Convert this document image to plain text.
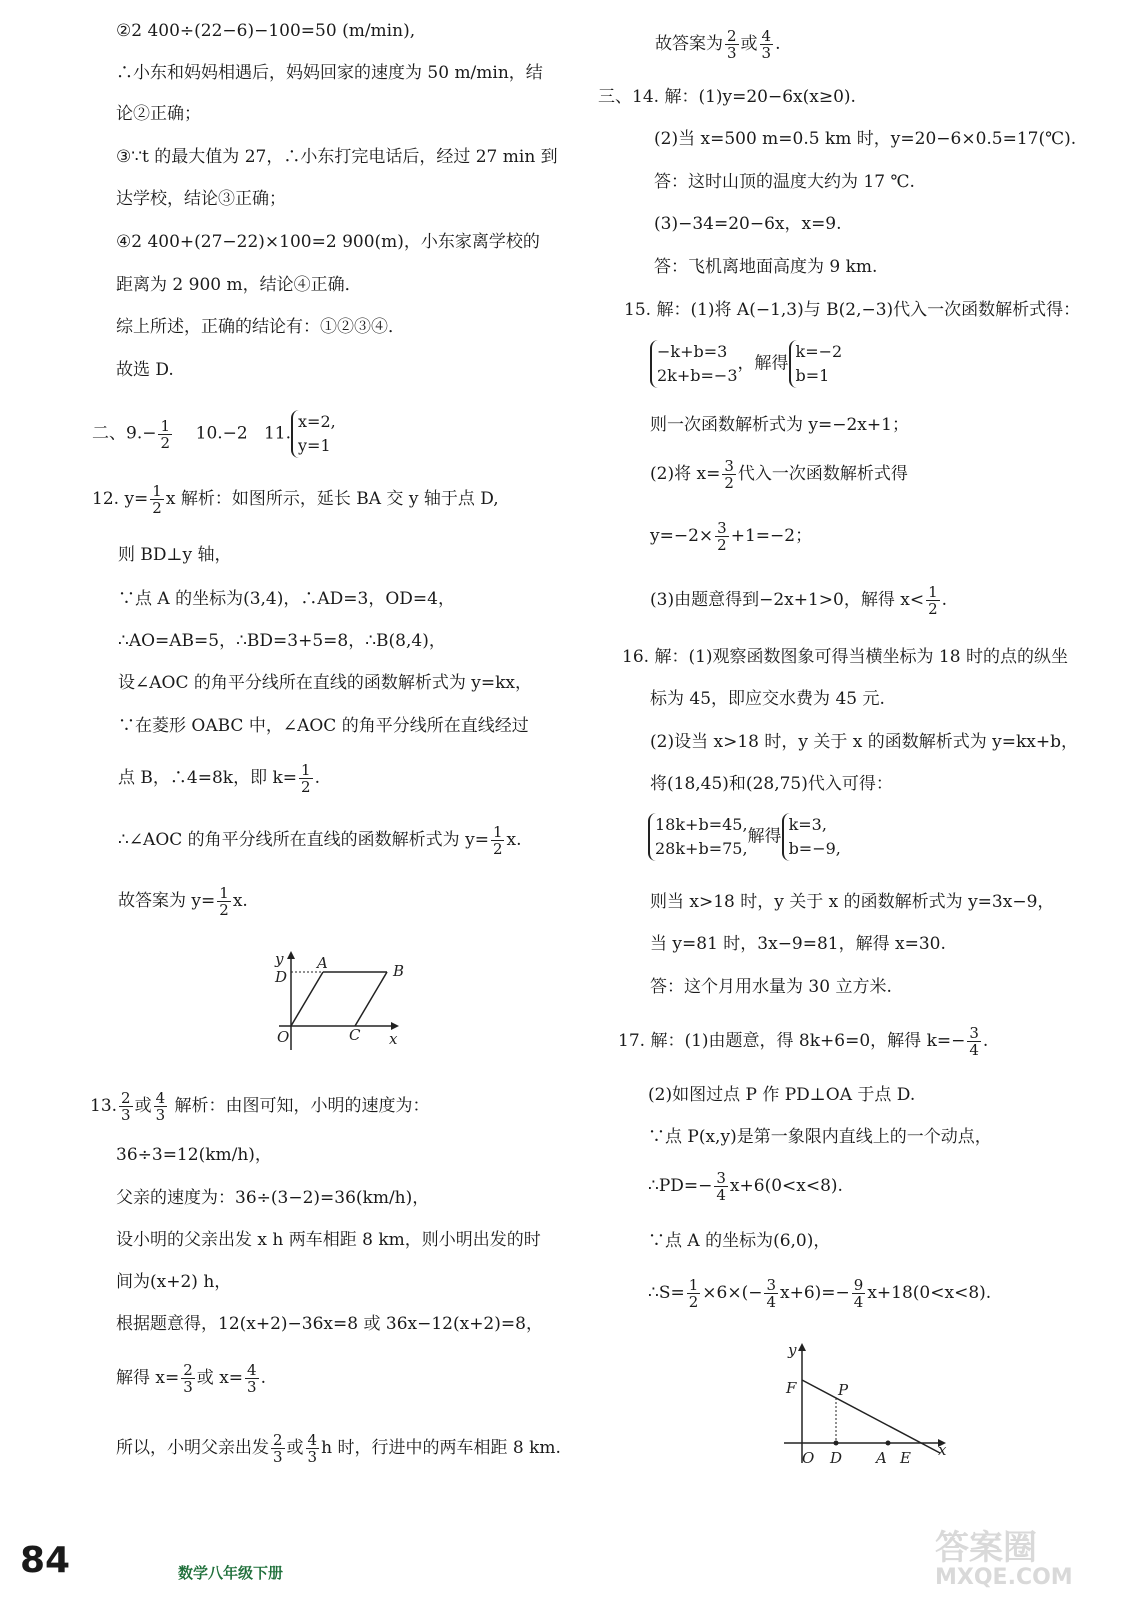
②2 400÷(22−6)−100=50 (m/min),
∴小东和妈妈相遇后，妈妈回家的速度为 50 m/min，结
论②正确；
③∵t 的最大值为 27，∴小东打完电话后，经过 27 min 到
达学校，结论③正确；
④2 400+(27−22)×100=2 900(m)，小东家离学校的
距离为 2 900 m，结论④正确．
综上所述，正确的结论有：①②③④．
故选 D.
二、$9.- \frac{1}{2} 10.-2$ 11.
x=2,
y=1
12. $y= \frac{1}{2}$ x 解析：如图所示，延长 BA 交 y 轴于点 D,
则 BD⊥y 轴，
∵点 A 的坐标为(3,4)，∴AD=3，OD=4，
∴AO=AB=5，∴BD=3+5=8，∴B(8,4)，
设∠AOC 的角平分线所在直线的函数解析式为 y=kx，
∵在菱形 OABC 中，∠AOC 的角平分线所在直线经过
点 B，∴4=8k，即 $k= \frac{1}{2}$ .
∴∠AOC 的角平分线所在直线的函数解析式为 $y= \frac{1}{2} x$.
故答案为 $y= \frac{1}{2} x$.
y
D
A	B
O	C x
13. $\frac{2}{3}$ 或 $\frac{4}{3}$ 解析：由图可知，小明的速度为：
36÷3=12(km/h)，
父亲的速度为：36÷(3−2)=36(km/h)，
设小明的父亲出发 x h 两车相距 8 km，则小明出发的时
间为(x+2) h，
根据题意得，12(x+2)−36x=8 或 36x−12(x+2)=8，
解得 $x= \frac{2}{3}$ 或 $x= \frac{4}{3}$ .
所以，小明父亲出发 $\frac{2}{3}$ 或 $\frac{4}{3}$ h 时，行进中的两车相距 8 km.
故答案为 $\frac{2}{3}$ 或 $\frac{4}{3}$ .
三、14. 解：(1)y=20−6x(x≥0).
(2)当 x=500 m=0.5 km 时，y=20−6×0.5=17(℃).
答：这时山顶的温度大约为 17 ℃.
(3)−34=20−6x，x=9.
答：飞机离地面高度为 9 km.
15. 解：(1)将 A(−1,3)与 B(2,−3)代入一次函数解析式得：
−k+b=3
2k+b=−3
，解得
k=−2
b=1
则一次函数解析式为 y=−2x+1；
(2)将 $x= \frac{3}{2}$ 代入一次函数解析式得
$y=-2\times \frac{3}{2} +1=-2$；
(3)由题意得到−2x+1>0，解得 $x< \frac{1}{2}$ .
16. 解：(1)观察函数图象可得当横坐标为 18 时的点的纵坐
标为 45，即应交水费为 45 元.
(2)设当 x>18 时，y 关于 x 的函数解析式为 y=kx+b，
将(18,45)和(28,75)代入可得：
18k+b=45,
28k+b=75,
解得
k=3,
b=−9,
则当 x>18 时，y 关于 x 的函数解析式为 y=3x−9，
当 y=81 时，3x−9=81，解得 x=30.
答：这个月用水量为 30 立方米.
17. 解：(1)由题意，得 8k+6=0，解得 $k=- \frac{3}{4}$ .
(2)如图过点 P 作 PD⊥OA 于点 D.
∵点 P(x,y)是第一象限内直线上的一个动点，
∴PD=− $\frac{3}{4} x+6(0<x<8)$.
∵点 A 的坐标为(6,0)，
∴S= $\frac{1}{2} \times 6\times(- \frac{3}{4} x+6)=- \frac{9}{4} x+18(0<x<8)$.
y
F	P
O D A E x
84	数学八年级下册
答案圈
MXQE.COM
